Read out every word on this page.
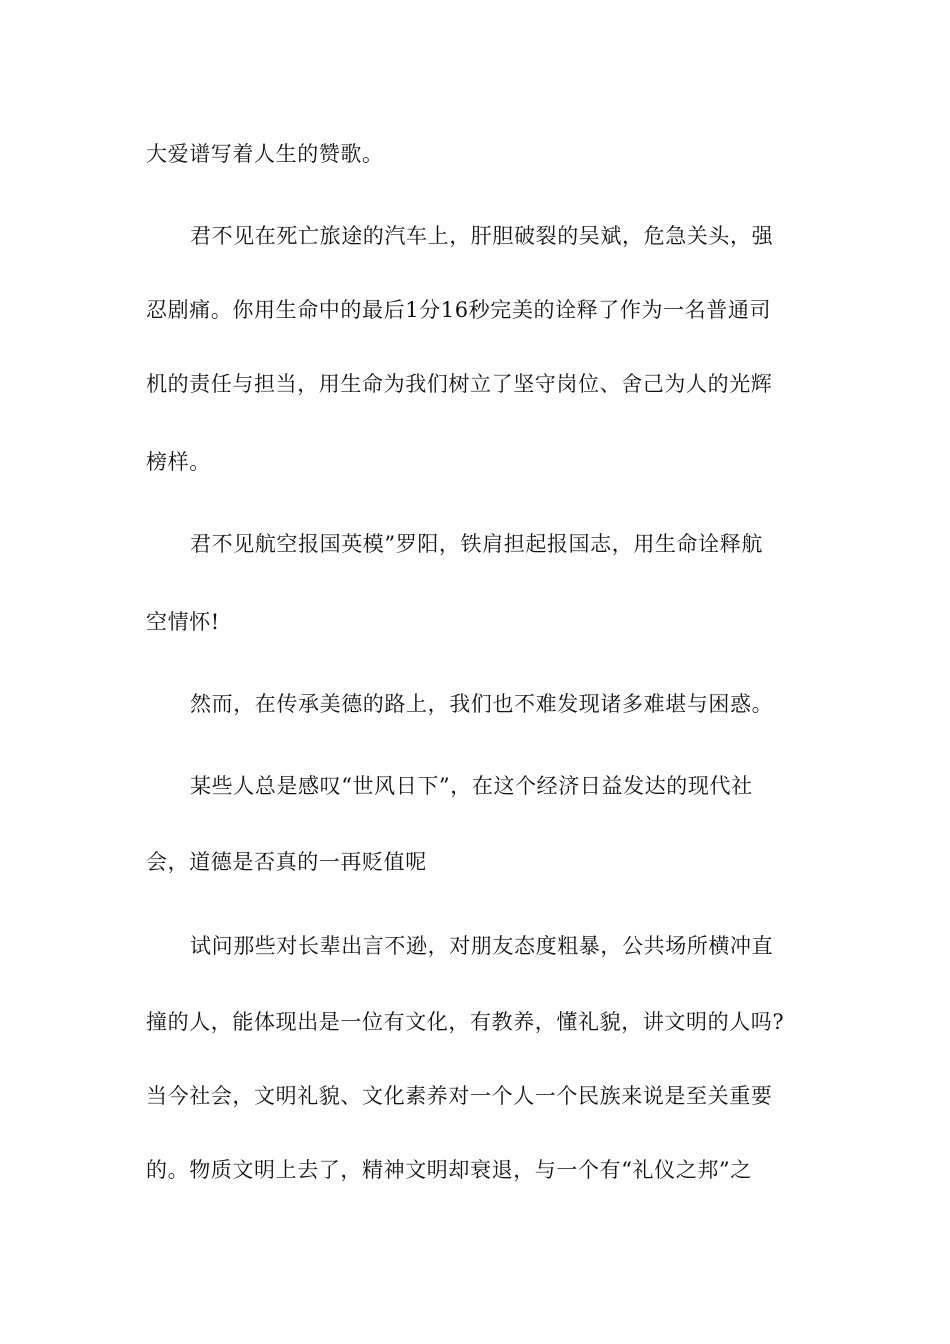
大爱谱写着人生的赞歌。
君不见在死亡旅途的汽车上，肝胆破裂的吴斌，危急关头，强
忍剧痛。你用生命中的最后1分16秒完美的诠释了作为一名普通司
机的责任与担当，用生命为我们树立了坚守岗位、舍己为人的光辉
榜样。
君不见航空报国英模”罗阳，铁肩担起报国志，用生命诠释航
空情怀!
然而，在传承美德的路上，我们也不难发现诸多难堪与困惑。
某些人总是感叹“世风日下”，在这个经济日益发达的现代社
会，道德是否真的一再贬值呢
试问那些对长辈出言不逊，对朋友态度粗暴，公共场所横冲直
撞的人，能体现出是一位有文化，有教养，懂礼貌，讲文明的人吗?
当今社会，文明礼貌、文化素养对一个人一个民族来说是至关重要
的。物质文明上去了，精神文明却衰退，与一个有“礼仪之邦”之
